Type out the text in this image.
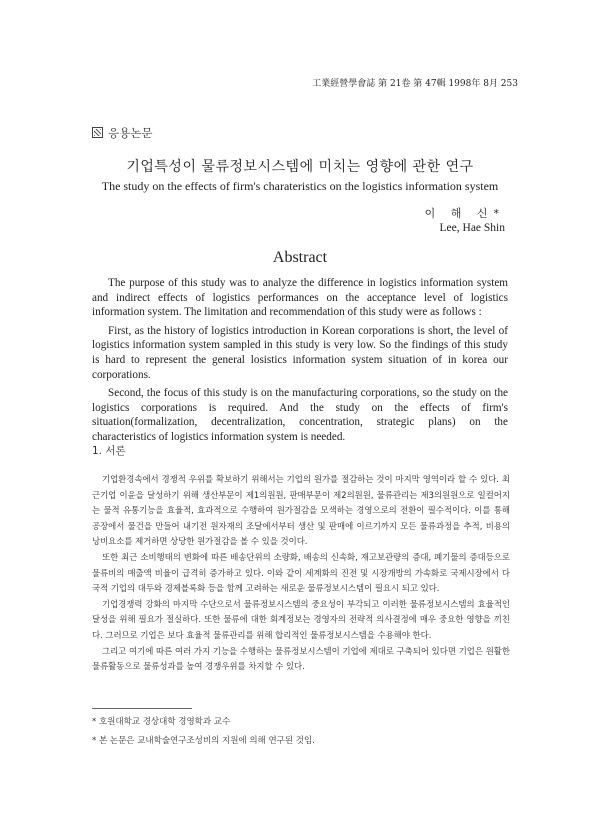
工業經營學會誌 第 21卷 第 47輯 1998年 8月 253
응용논문
기업특성이 물류정보시스템에 미치는 영향에 관한 연구
The study on the effects of firm's charateristics on the logistics information system
이 해 신*
Lee, Hae Shin
Abstract

The purpose of this study was to analyze the difference in logistics information system and indirect effects of logistics performances on the acceptance level of logistics information system. The limitation and recommendation of this study were as follows :

First, as the history of logistics introduction in Korean corporations is short, the level of logistics information system sampled in this study is very low. So the findings of this study is hard to represent the general losistics information system situation of in korea our corporations.

Second, the focus of this study is on the manufacturing corporations, so the study on the logistics corporations is required. And the study on the effects of firm's situation(formalization, decentralization, concentration, strategic plans) on the characteristics of logistics information system is needed.

1. 서론

기업환경속에서 경쟁적 우위를 확보하기 위해서는 기업의 원가를 절감하는 것이 마지막 영역이라 할 수 있다. 최근기업 이윤을 달성하기 위해 생산부문이 제1의원원, 판매부문이 제2의원원, 물류관리는 제3의원원으로 일컬어지는 물적 유통기능을 효율적, 효과적으로 수행하여 원가절감을 모색하는 경영으로의 전환이 필수적이다. 이를 통해 공장에서 물건을 만들어 내기전 원자재의 조달에서부터 생산 및 판매에 이르기까지 모든 물류과정을 추적, 비용의 낭비요소를 제거하면 상당한 원가절감을 볼 수 있을 것이다.

또한 최근 소비행태의 변화에 따른 배송단위의 소량화, 배송의 신속화, 재고보관량의 증대, 폐기물의 증대등으로 물류비의 매출액 비율이 급격히 증가하고 있다. 이와 같이 세계화의 진전 및 시장개방의 가속화로 국제시장에서 다국적 기업의 대두와 경제블록화 등을 함께 고려하는 새로운 물류정보시스템이 필요시 되고 있다.

기업경쟁력 강화의 마지막 수단으로서 물류정보시스템의 중요성이 부각되고 이러한 물류정보시스템의 효율적인 달성을 위해 필요가 절실하다. 또한 물류에 대한 회계정보는 경영자의 전략적 의사결정에 매우 중요한 영향을 끼친다. 그러므로 기업은 보다 효율적 물류관리를 위해 합리적인 물류정보시스템을 수용해야 한다.

그리고 여기에 따른 여러 가지 기능을 수행하는 물류정보시스템이 기업에 제대로 구축되어 있다면 기업은 원활한 물류활동으로 물류성과를 높여 경쟁우위를 차지할 수 있다.

* 호원대학교 경상대학 경영학과 교수
* 본 논문은 교내학술연구조성비의 지원에 의해 연구된 것임.
